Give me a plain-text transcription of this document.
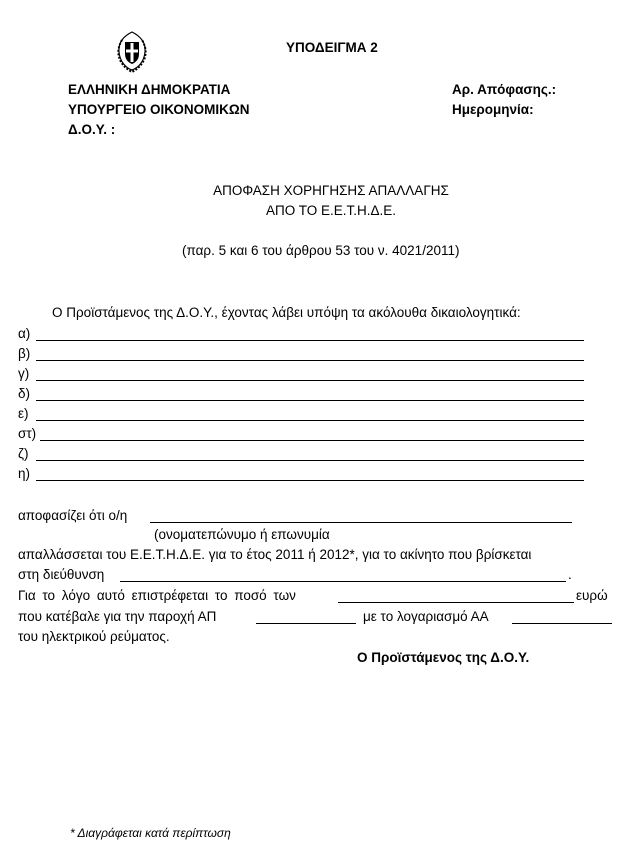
ΥΠΟΔΕΙΓΜΑ 2
ΕΛΛΗΝΙΚΗ ΔΗΜΟΚΡΑΤΙΑ
ΥΠΟΥΡΓΕΙΟ ΟΙΚΟΝΟΜΙΚΩΝ
Δ.Ο.Υ. :
Αρ. Απόφασης.:
Ημερομηνία:
ΑΠΟΦΑΣΗ ΧΟΡΗΓΗΣΗΣ ΑΠΑΛΛΑΓΗΣ
ΑΠΟ ΤΟ Ε.Ε.Τ.Η.Δ.Ε.
(παρ. 5 και 6 του άρθρου 53 του ν. 4021/2011)
Ο Προϊστάμενος της Δ.Ο.Υ., έχοντας λάβει υπόψη τα ακόλουθα δικαιολογητικά:
α)
β)
γ)
δ)
ε)
στ)
ζ)
η)
αποφασίζει ότι ο/η
(ονοματεπώνυμο ή επωνυμία
απαλλάσσεται του Ε.Ε.Τ.Η.Δ.Ε. για το έτος 2011 ή 2012*, για το ακίνητο που βρίσκεται
στη διεύθυνση	.
Για το λόγο αυτό επιστρέφεται το ποσό των	ευρώ
που κατέβαλε για την παροχή ΑΠ	με το λογαριασμό ΑΑ
του ηλεκτρικού ρεύματος.
Ο Προϊστάμενος της Δ.Ο.Υ.
* Διαγράφεται κατά περίπτωση
